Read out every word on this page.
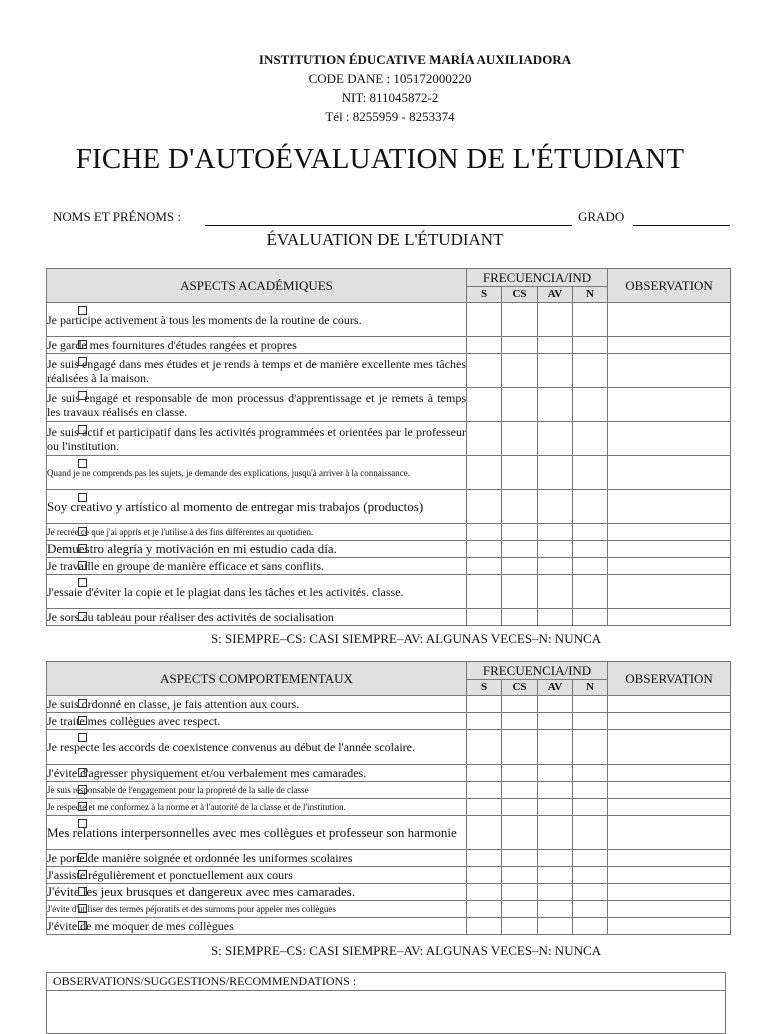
INSTITUTION ÉDUCATIVE MARÍA AUXILIADORA
CODE DANE : 105172000220
NIT: 811045872-2
Tél : 8255959 - 8253374
FICHE D'AUTOÉVALUATION DE L'ÉTUDIANT
NOMS ET PRÉNOMS :	GRADO
ÉVALUATION DE L'ÉTUDIANT
ASPECTS ACADÉMIQUES	FRECUENCIA/IND				OBSERVATION
	S	CS	AV	N	

Je participe activement à tous les moments de la routine de cours.					

Je garde mes fournitures d'études rangées et propres					

Je suis engagé dans mes études et je rends à temps et de manière excellente mes tâches réalisées à la maison.					

Je suis engagé et responsable de mon processus d'apprentissage et je remets à temps les travaux réalisés en classe.					

Je suis actif et participatif dans les activités programmées et orientées par le professeur ou l'institution.					

Quand je ne comprends pas les sujets, je demande des explications, jusqu'à arriver à la connaissance.					

Soy creativo y artístico al momento de entregar mis trabajos (productos)					

Je recrée ce que j'ai appris et je l'utilise à des fins différentes au quotidien.					

Demuestro alegría y motivación en mi estudio cada día.					

Je travaille en groupe de manière efficace et sans conflits.					

J'essaie d'éviter la copie et le plagiat dans les tâches et les activités. classe.					

Je sors au tableau pour réaliser des activités de socialisation					
S: SIEMPRE–CS: CASI SIEMPRE–AV: ALGUNAS VECES–N: NUNCA
ASPECTS COMPORTEMENTAUX	FRECUENCIA/IND				OBSERVATION
	S	CS	AV	N	

Je suis ordonné en classe, je fais attention aux cours.					

Je traite mes collègues avec respect.					

Je respecte les accords de coexistence convenus au début de l'année scolaire.					

J'évite d'agresser physiquement et/ou verbalement mes camarades.					

Je suis responsable de l'engagement pour la propreté de la salle de classe					

Je respecte et me conformez à la norme et à l'autorité de la classe et de l'institution.					

Mes relations interpersonnelles avec mes collègues et professeur son harmonie					

Je porte de manière soignée et ordonnée les uniformes scolaires					

J'assiste régulièrement et ponctuellement aux cours					

J'évite les jeux brusques et dangereux avec mes camarades.					

J'évite d'utiliser des termes péjoratifs et des surnoms pour appeler mes collègues					

J'évite de me moquer de mes collègues					
S: SIEMPRE–CS: CASI SIEMPRE–AV: ALGUNAS VECES–N: NUNCA
OBSERVATIONS/SUGGESTIONS/RECOMMENDATIONS :
